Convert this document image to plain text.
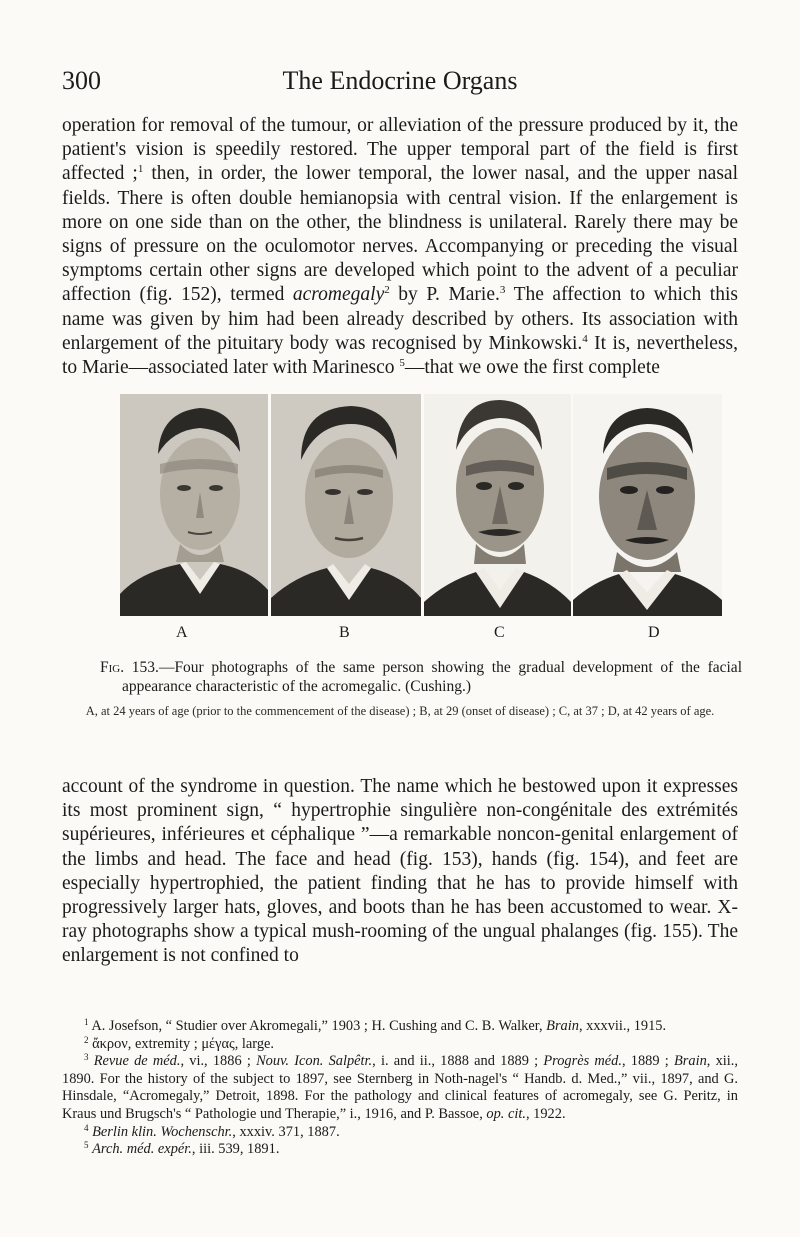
300	The Endocrine Organs

operation for removal of the tumour, or alleviation of the pressure produced by it, the patient's vision is speedily restored. The upper temporal part of the field is first affected ;$^1$ then, in order, the lower temporal, the lower nasal, and the upper nasal fields. There is often double hemianopsia with central vision. If the enlargement is more on one side than on the other, the blindness is unilateral. Rarely there may be signs of pressure on the oculomotor nerves. Accompanying or preceding the visual symptoms certain other signs are developed which point to the advent of a peculiar affection (fig. 152), termed acromegaly$^2$ by P. Marie.$^3$ The affection to which this name was given by him had been already described by others. Its association with enlargement of the pituitary body was recognised by Minkowski.$^4$ It is, nevertheless, to Marie—associated later with Marinesco $^5$—that we owe the first complete

A	B	C	D
Fig. 153.—Four photographs of the same person showing the gradual development of the facial appearance characteristic of the acromegalic. (Cushing.)
A, at 24 years of age (prior to the commencement of the disease) ; B, at 29 (onset of disease) ; C, at 37 ; D, at 42 years of age.

account of the syndrome in question. The name which he bestowed upon it expresses its most prominent sign, “ hypertrophie singulière non-congénitale des extrémités supérieures, inférieures et céphalique ”—a remarkable noncon-genital enlargement of the limbs and head. The face and head (fig. 153), hands (fig. 154), and feet are especially hypertrophied, the patient finding that he has to provide himself with progressively larger hats, gloves, and boots than he has been accustomed to wear. X-ray photographs show a typical mush-rooming of the ungual phalanges (fig. 155). The enlargement is not confined to

$^1$ A. Josefson, “ Studier over Akromegali,” 1903 ; H. Cushing and C. B. Walker, Brain, xxxvii., 1915.

$^2$ ἄκρον, extremity ; μέγας, large.

$^3$ Revue de méd., vi., 1886 ; Nouv. Icon. Salpêtr., i. and ii., 1888 and 1889 ; Progrès méd., 1889 ; Brain, xii., 1890. For the history of the subject to 1897, see Sternberg in Noth-nagel's “ Handb. d. Med.,” vii., 1897, and G. Hinsdale, “Acromegaly,” Detroit, 1898. For the pathology and clinical features of acromegaly, see G. Peritz, in Kraus und Brugsch's “ Pathologie und Therapie,” i., 1916, and P. Bassoe, op. cit., 1922.

$^4$ Berlin klin. Wochenschr., xxxiv. 371, 1887.

$^5$ Arch. méd. expér., iii. 539, 1891.
